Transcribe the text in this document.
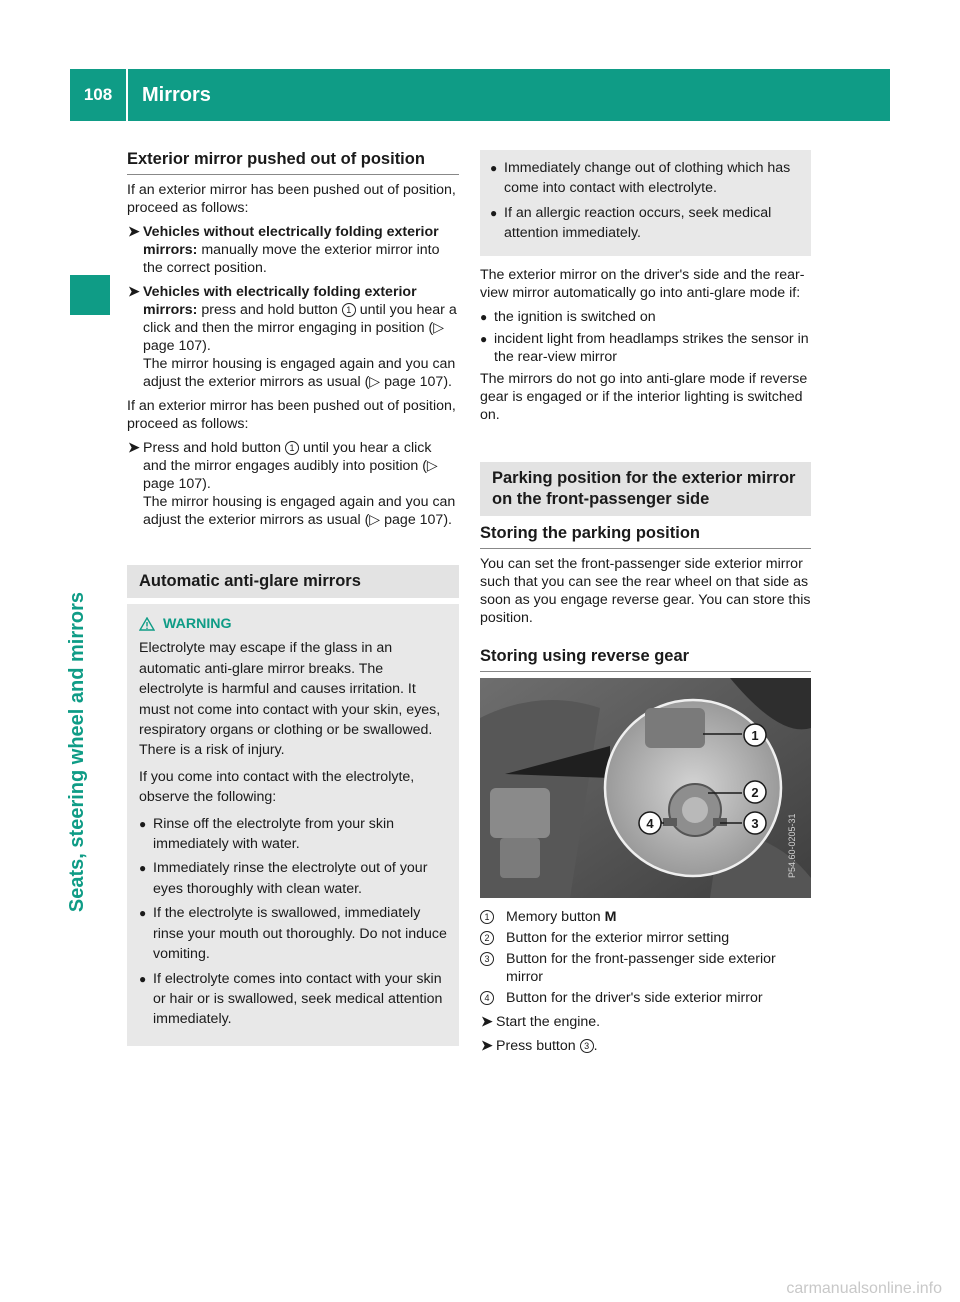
108	Mirrors
Seats, steering wheel and mirrors
Exterior mirror pushed out of position

If an exterior mirror has been pushed out of position, proceed as follows:

➤ Vehicles without electrically folding exterior mirrors: manually move the exterior mirror into the correct position.
➤ Vehicles with electrically folding exterior mirrors: press and hold button 1 until you hear a click and then the mirror engaging in position (▷ page 107).
The mirror housing is engaged again and you can adjust the exterior mirrors as usual (▷ page 107).

If an exterior mirror has been pushed out of position, proceed as follows:

➤ Press and hold button 1 until you hear a click and the mirror engages audibly into position (▷ page 107).
The mirror housing is engaged again and you can adjust the exterior mirrors as usual (▷ page 107).
Automatic anti-glare mirrors
WARNING

Electrolyte may escape if the glass in an automatic anti-glare mirror breaks. The electrolyte is harmful and causes irritation. It must not come into contact with your skin, eyes, respiratory organs or clothing or be swallowed. There is a risk of injury.

If you come into contact with the electrolyte, observe the following:

● Rinse off the electrolyte from your skin immediately with water.
● Immediately rinse the electrolyte out of your eyes thoroughly with clean water.
● If the electrolyte is swallowed, immediately rinse your mouth out thoroughly. Do not induce vomiting.
● If electrolyte comes into contact with your skin or hair or is swallowed, seek medical attention immediately.
● Immediately change out of clothing which has come into contact with electrolyte.
● If an allergic reaction occurs, seek medical attention immediately.

The exterior mirror on the driver's side and the rear-view mirror automatically go into anti-glare mode if:

● the ignition is switched on
● incident light from headlamps strikes the sensor in the rear-view mirror

The mirrors do not go into anti-glare mode if reverse gear is engaged or if the interior lighting is switched on.

Parking position for the exterior mirror on the front-passenger side
Storing the parking position

You can set the front-passenger side exterior mirror such that you can see the rear wheel on that side as soon as you engage reverse gear. You can store this position.

Storing using reverse gear
1
2
3
4	P54.60-0205-31
1	Memory button M
2	Button for the exterior mirror setting
3	Button for the front-passenger side exterior mirror
4	Button for the driver's side exterior mirror
➤ Start the engine.
➤ Press button 3 .
carmanualsonline.info
